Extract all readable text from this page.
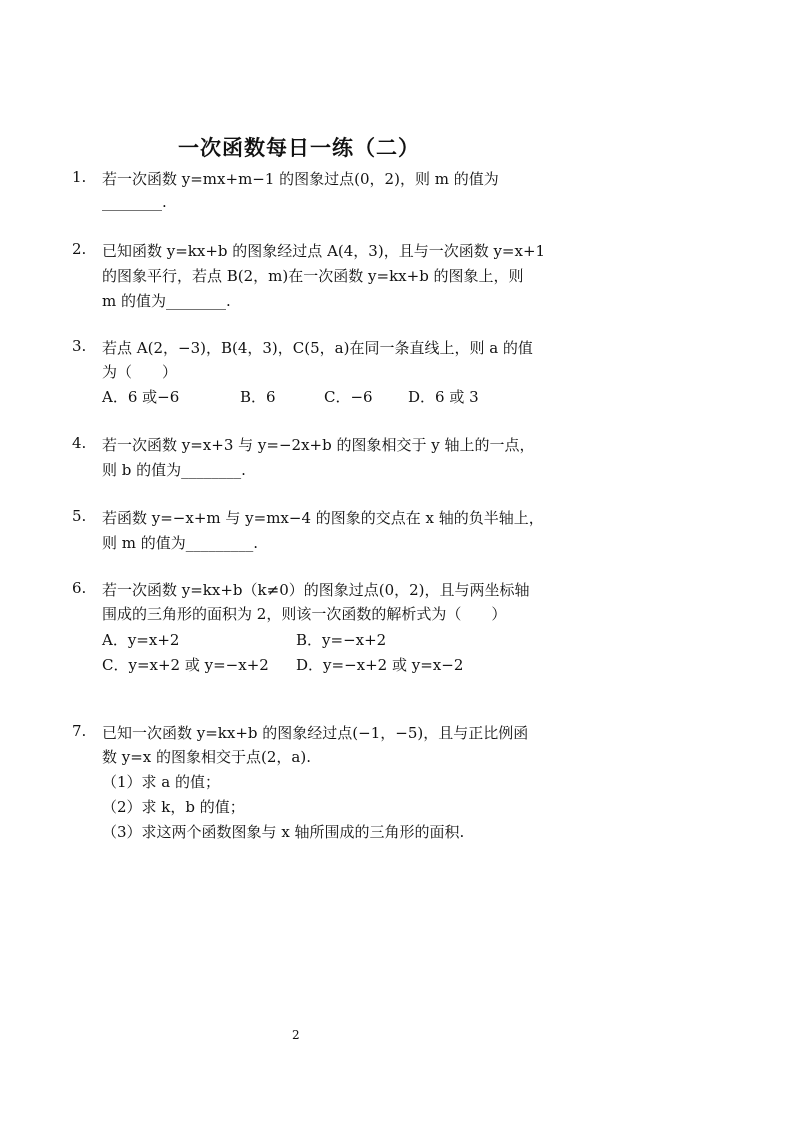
一次函数每日一练（二）
1.	若一次函数 y=mx+m−1 的图象过点(0，2)，则 m 的值为
________.
2.	已知函数 y=kx+b 的图象经过点 A(4，3)，且与一次函数 y=x+1
的图象平行，若点 B(2，m)在一次函数 y=kx+b 的图象上，则
m 的值为________.
3.	若点 A(2，−3)，B(4，3)，C(5，a)在同一条直线上，则 a 的值
为（　　）
A．6 或−6	B．6	C．−6 D．6 或 3
4.	若一次函数 y=x+3 与 y=−2x+b 的图象相交于 y 轴上的一点，
则 b 的值为________.
5.	若函数 y=−x+m 与 y=mx−4 的图象的交点在 x 轴的负半轴上，
则 m 的值为_________.
6.	若一次函数 y=kx+b（k≠0）的图象过点(0，2)，且与两坐标轴
围成的三角形的面积为 2，则该一次函数的解析式为（　　）
A．y=x+2	B．y=−x+2
C．y=x+2 或 y=−x+2 D．y=−x+2 或 y=x−2
7.	已知一次函数 y=kx+b 的图象经过点(−1，−5)，且与正比例函
数 y=x 的图象相交于点(2，a).
（1）求 a 的值；
（2）求 k，b 的值；
（3）求这两个函数图象与 x 轴所围成的三角形的面积.
2
